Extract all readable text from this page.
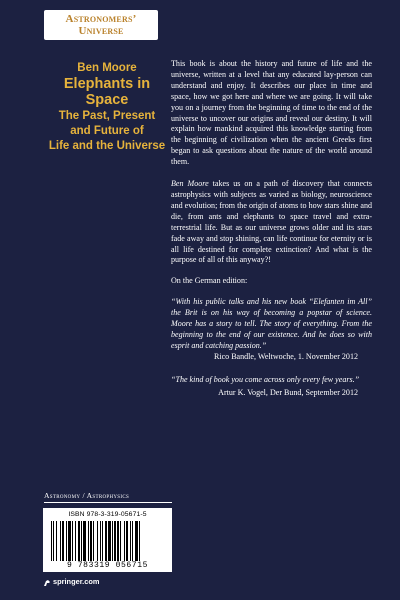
Astronomers’
Universe
Ben Moore
Elephants in Space
The Past, Present
and Future of
Life and the Universe

This book is about the history and future of life and the universe, written at a level that any educated lay-person can understand and enjoy. It describes our place in time and space, how we got here and where we are going. It will take you on a journey from the beginning of time to the end of the universe to uncover our origins and reveal our destiny. It will explain how mankind acquired this knowledge starting from the beginning of civilization when the ancient Greeks first began to ask questions about the nature of the world around them.

Ben Moore takes us on a path of discovery that connects astrophysics with subjects as varied as biology, neuroscience and evolution; from the origin of atoms to how stars shine and die, from ants and elephants to space travel and extra-terrestrial life. But as our universe grows older and its stars fade away and stop shining, can life continue for eternity or is all life destined for complete extinction? And what is the purpose of all of this anyway?!

On the German edition:

“With his public talks and his new book “Elefanten im All” the Brit is on his way of becoming a popstar of science. Moore has a story to tell. The story of everything. From the beginning to the end of our existence. And he does so with esprit and catching passion.”

Rico Bandle, Weltwoche, 1. November 2012

“The kind of book you come across only every few years.”

Artur K. Vogel, Der Bund, September 2012

Astronomy / Astrophysics
ISBN 978-3-319-05671-5
9 783319 056715
springer.com
